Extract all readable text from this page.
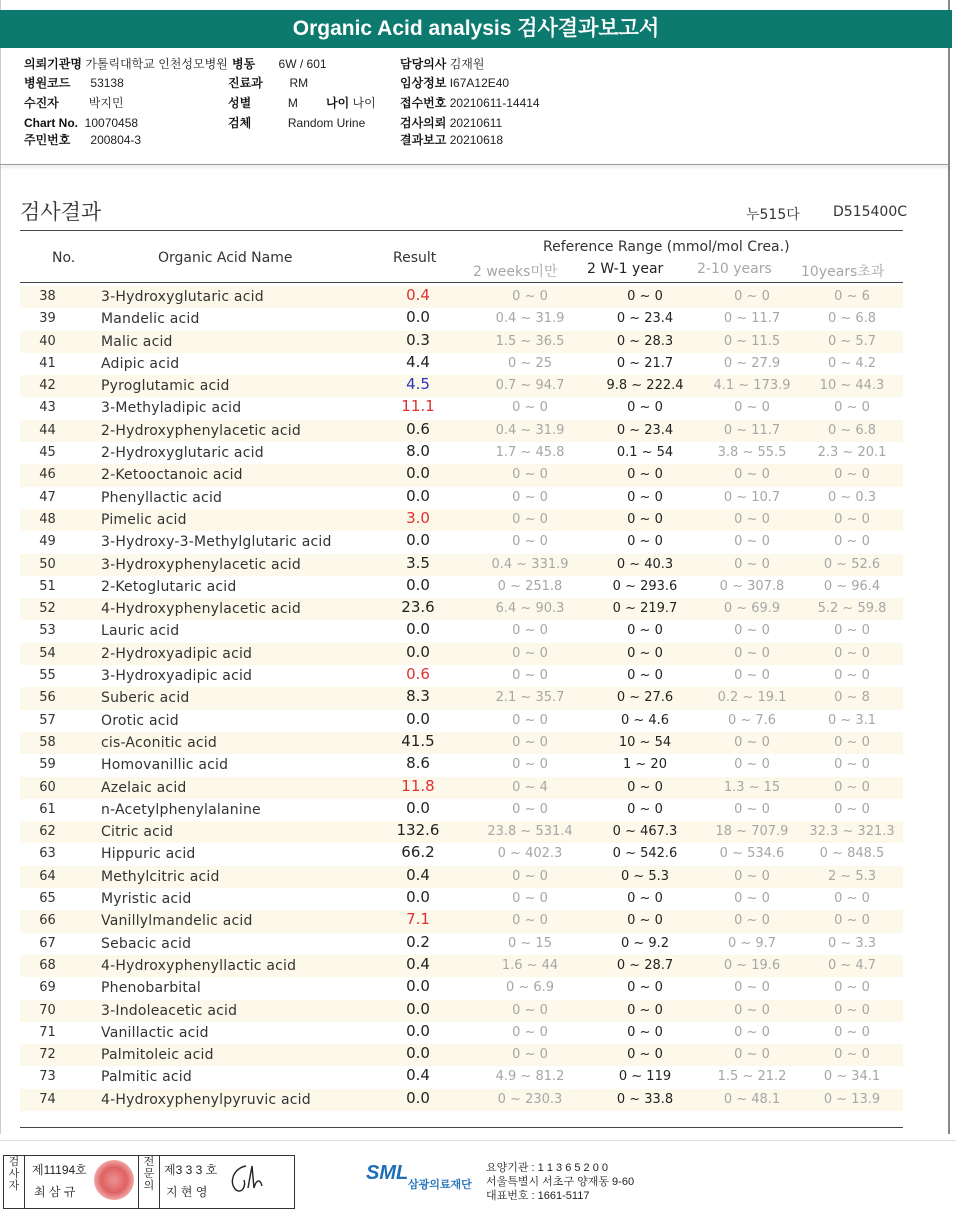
Organic Acid analysis 검사결과보고서
의뢰기관명 가톨릭대학교 인천성모병원
병원코드 53138
수진자	박지민
Chart No. 10070458
주민번호 200804-3
병동 6W / 601
진료과 RM
성별	M 나이 나이
검체	Random Urine
담당의사 김재원
임상정보 I67A12E40
접수번호 20210611-14414
검사의뢰 20210611
결과보고 20210618
검사결과	누515다 D515400C
No.	Organic Acid Name	Result
Reference Range (mmol/mol Crea.)
2 weeks미만 2 W-1 year 2-10 years 10years초과
38	3-Hydroxyglutaric acid	0.4	0 ~ 0	0 ~ 0	0 ~ 0	0 ~ 6
39	Mandelic acid	0.0	0.4 ~ 31.9	0 ~ 23.4	0 ~ 11.7	0 ~ 6.8
40	Malic acid	0.3	1.5 ~ 36.5	0 ~ 28.3	0 ~ 11.5	0 ~ 5.7
41	Adipic acid	4.4	0 ~ 25	0 ~ 21.7	0 ~ 27.9	0 ~ 4.2
42	Pyroglutamic acid	4.5	0.7 ~ 94.7	9.8 ~ 222.4	4.1 ~ 173.9	10 ~ 44.3
43	3-Methyladipic acid	11.1	0 ~ 0	0 ~ 0	0 ~ 0	0 ~ 0
44	2-Hydroxyphenylacetic acid	0.6	0.4 ~ 31.9	0 ~ 23.4	0 ~ 11.7	0 ~ 6.8
45	2-Hydroxyglutaric acid	8.0	1.7 ~ 45.8	0.1 ~ 54	3.8 ~ 55.5	2.3 ~ 20.1
46	2-Ketooctanoic acid	0.0	0 ~ 0	0 ~ 0	0 ~ 0	0 ~ 0
47	Phenyllactic acid	0.0	0 ~ 0	0 ~ 0	0 ~ 10.7	0 ~ 0.3
48	Pimelic acid	3.0	0 ~ 0	0 ~ 0	0 ~ 0	0 ~ 0
49	3-Hydroxy-3-Methylglutaric acid	0.0	0 ~ 0	0 ~ 0	0 ~ 0	0 ~ 0
50	3-Hydroxyphenylacetic acid	3.5	0.4 ~ 331.9	0 ~ 40.3	0 ~ 0	0 ~ 52.6
51	2-Ketoglutaric acid	0.0	0 ~ 251.8	0 ~ 293.6	0 ~ 307.8	0 ~ 96.4
52	4-Hydroxyphenylacetic acid	23.6	6.4 ~ 90.3	0 ~ 219.7	0 ~ 69.9	5.2 ~ 59.8
53	Lauric acid	0.0	0 ~ 0	0 ~ 0	0 ~ 0	0 ~ 0
54	2-Hydroxyadipic acid	0.0	0 ~ 0	0 ~ 0	0 ~ 0	0 ~ 0
55	3-Hydroxyadipic acid	0.6	0 ~ 0	0 ~ 0	0 ~ 0	0 ~ 0
56	Suberic acid	8.3	2.1 ~ 35.7	0 ~ 27.6	0.2 ~ 19.1	0 ~ 8
57	Orotic acid	0.0	0 ~ 0	0 ~ 4.6	0 ~ 7.6	0 ~ 3.1
58	cis-Aconitic acid	41.5	0 ~ 0	10 ~ 54	0 ~ 0	0 ~ 0
59	Homovanillic acid	8.6	0 ~ 0	1 ~ 20	0 ~ 0	0 ~ 0
60	Azelaic acid	11.8	0 ~ 4	0 ~ 0	1.3 ~ 15	0 ~ 0
61	n-Acetylphenylalanine	0.0	0 ~ 0	0 ~ 0	0 ~ 0	0 ~ 0
62	Citric acid	132.6	23.8 ~ 531.4	0 ~ 467.3	18 ~ 707.9	32.3 ~ 321.3
63	Hippuric acid	66.2	0 ~ 402.3	0 ~ 542.6	0 ~ 534.6	0 ~ 848.5
64	Methylcitric acid	0.4	0 ~ 0	0 ~ 5.3	0 ~ 0	2 ~ 5.3
65	Myristic acid	0.0	0 ~ 0	0 ~ 0	0 ~ 0	0 ~ 0
66	Vanillylmandelic acid	7.1	0 ~ 0	0 ~ 0	0 ~ 0	0 ~ 0
67	Sebacic acid	0.2	0 ~ 15	0 ~ 9.2	0 ~ 9.7	0 ~ 3.3
68	4-Hydroxyphenyllactic acid	0.4	1.6 ~ 44	0 ~ 28.7	0 ~ 19.6	0 ~ 4.7
69	Phenobarbital	0.0	0 ~ 6.9	0 ~ 0	0 ~ 0	0 ~ 0
70	3-Indoleacetic acid	0.0	0 ~ 0	0 ~ 0	0 ~ 0	0 ~ 0
71	Vanillactic acid	0.0	0 ~ 0	0 ~ 0	0 ~ 0	0 ~ 0
72	Palmitoleic acid	0.0	0 ~ 0	0 ~ 0	0 ~ 0	0 ~ 0
73	Palmitic acid	0.4	4.9 ~ 81.2	0 ~ 119	1.5 ~ 21.2	0 ~ 34.1
74	4-Hydroxyphenylpyruvic acid	0.0	0 ~ 230.3	0 ~ 33.8	0 ~ 48.1	0 ~ 13.9
검사자
전문의
제11194호
최 삼 규
제3 3 3 호
지 현 영
SML
삼광의료재단
요양기관 : 1 1 3 6 5 2 0 0
서울특별시 서초구 양재동 9-60
대표번호 : 1661-5117
